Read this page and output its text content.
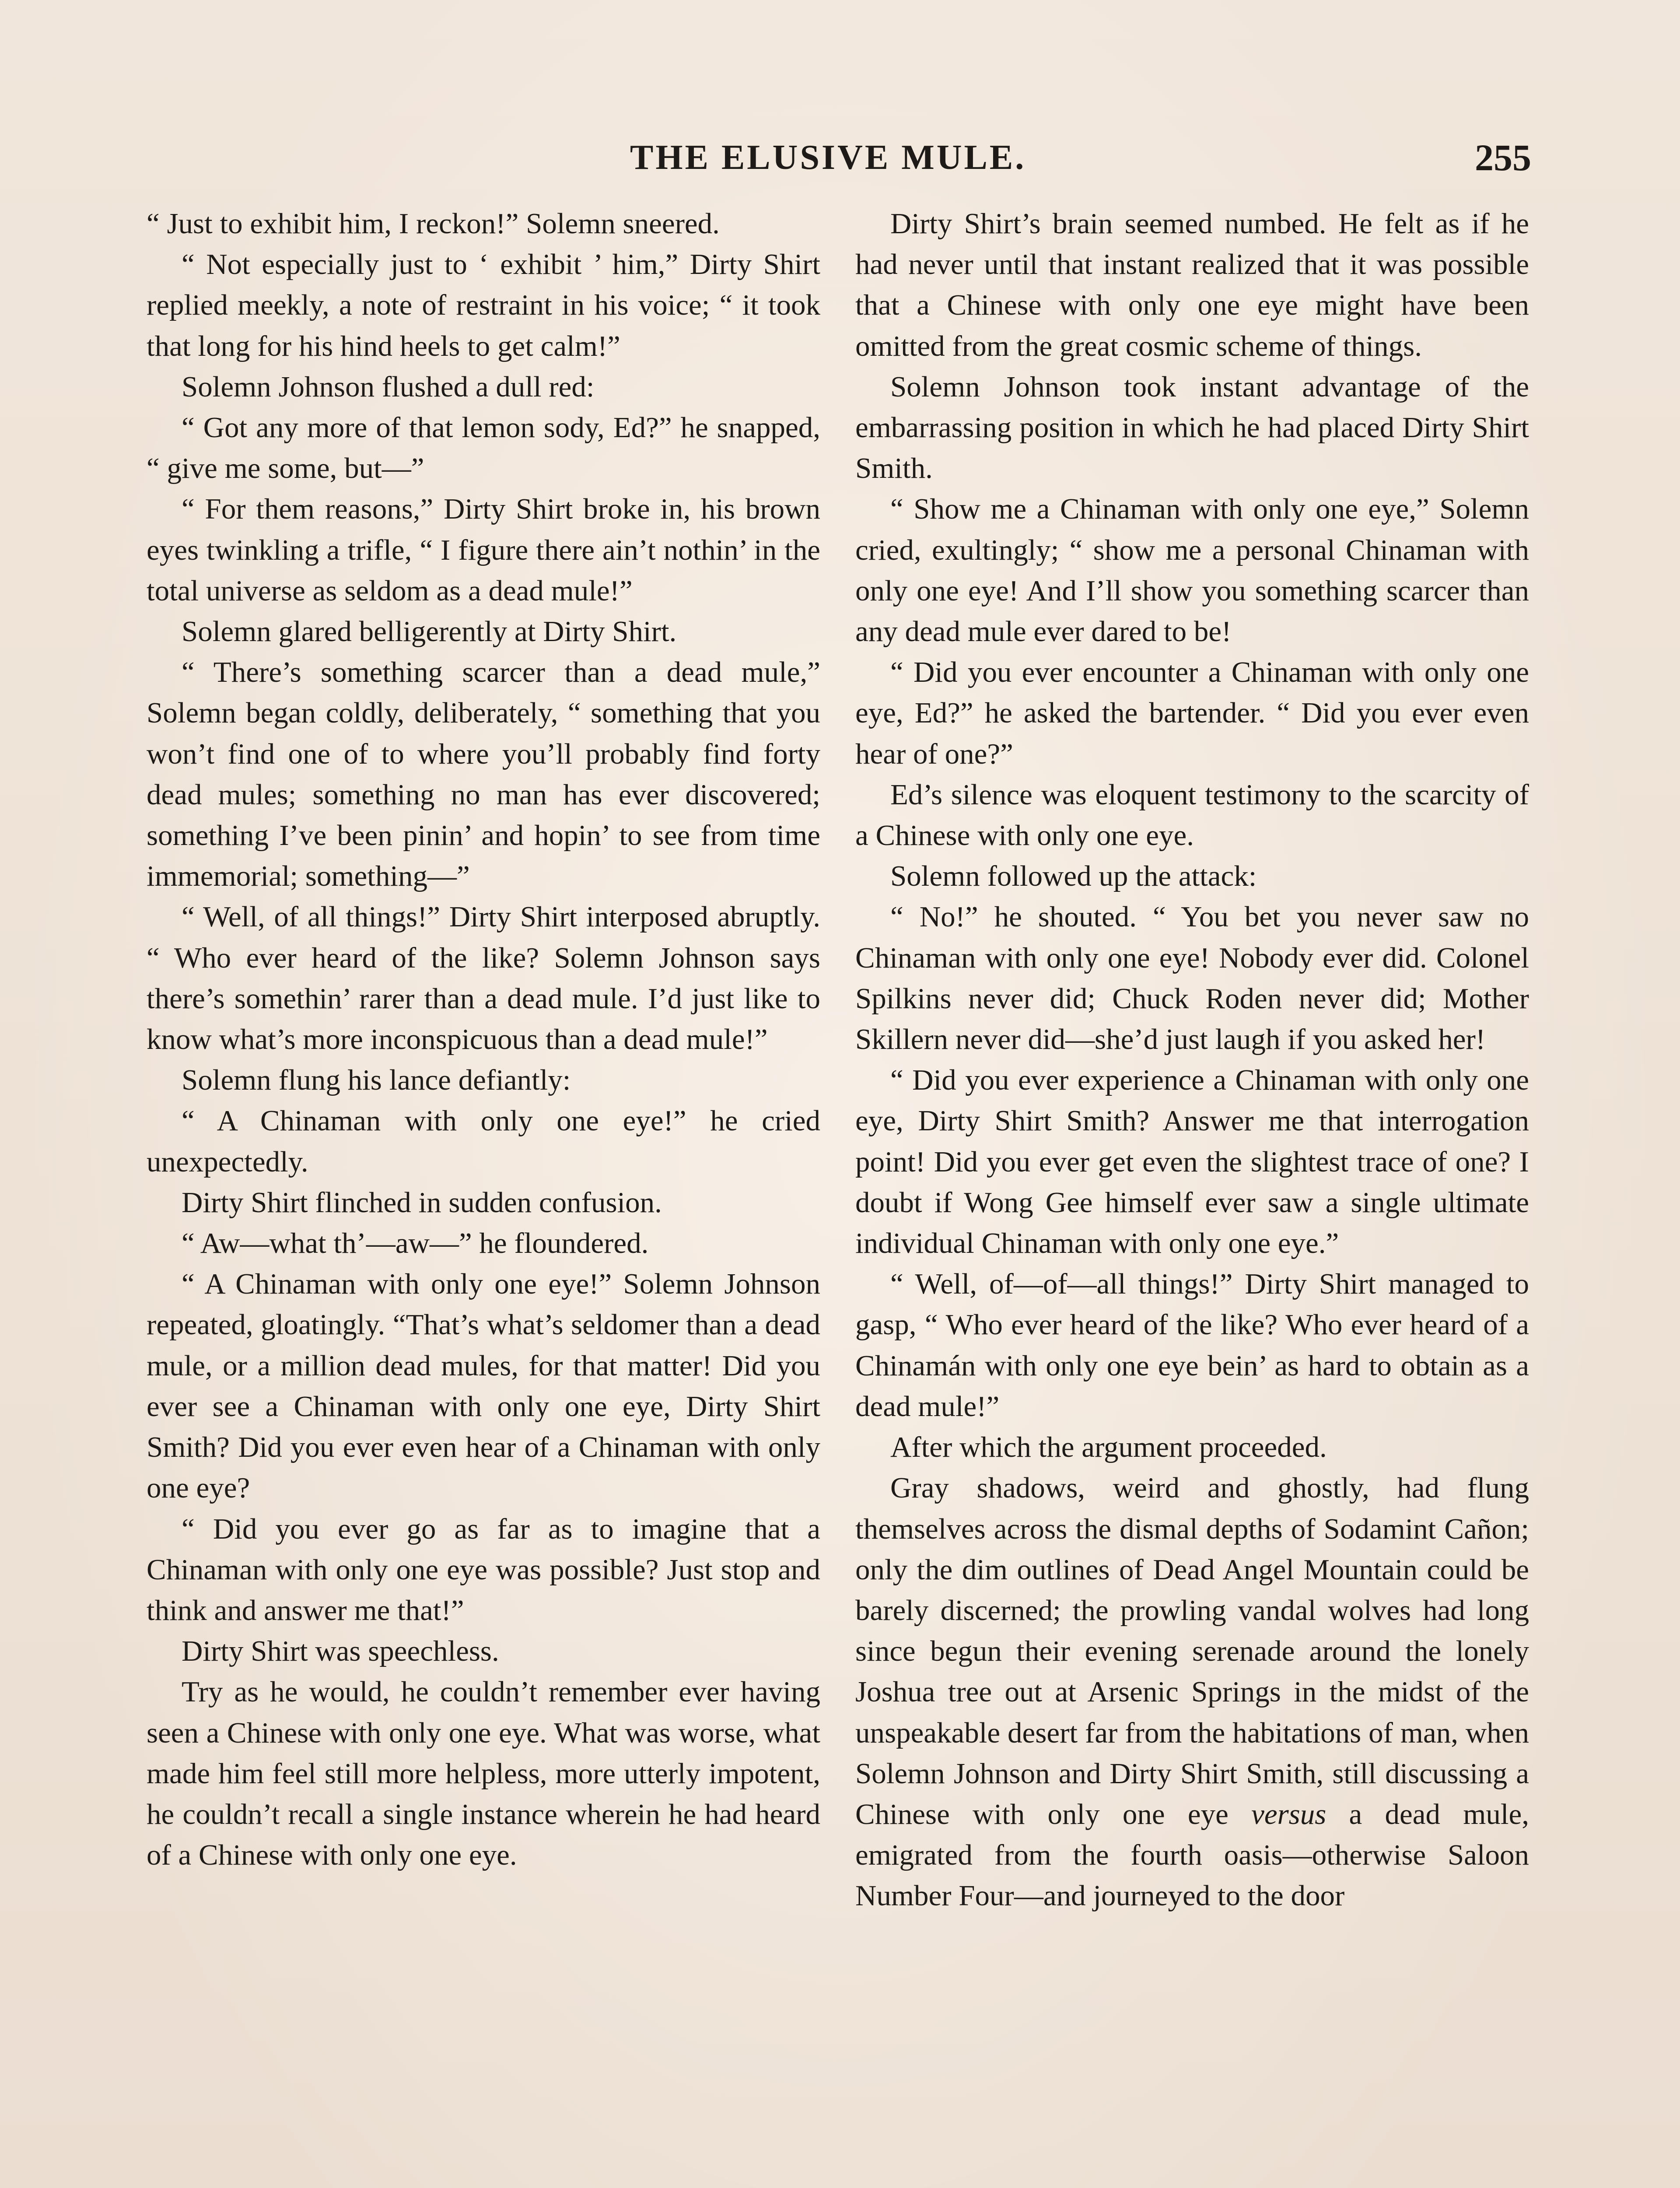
THE ELUSIVE MULE.	255

“ Just to exhibit him, I reckon!” Solemn sneered.

“ Not especially just to ‘ exhibit ’ him,” Dirty Shirt replied meekly, a note of restraint in his voice; “ it took that long for his hind heels to get calm!”

Solemn Johnson flushed a dull red:

“ Got any more of that lemon sody, Ed?” he snapped, “ give me some, but—”

“ For them reasons,” Dirty Shirt broke in, his brown eyes twinkling a trifle, “ I figure there ain’t nothin’ in the total universe as seldom as a dead mule!”

Solemn glared belligerently at Dirty Shirt.

“ There’s something scarcer than a dead mule,” Solemn began coldly, deliberately, “ something that you won’t find one of to where you’ll probably find forty dead mules; something no man has ever discovered; something I’ve been pinin’ and hopin’ to see from time immemorial; something—”

“ Well, of all things!” Dirty Shirt interposed abruptly. “ Who ever heard of the like? Solemn Johnson says there’s somethin’ rarer than a dead mule. I’d just like to know what’s more inconspicuous than a dead mule!”

Solemn flung his lance defiantly:

“ A Chinaman with only one eye!” he cried unexpectedly.

Dirty Shirt flinched in sudden confusion.

“ Aw—what th’—aw—” he floundered.

“ A Chinaman with only one eye!” Solemn Johnson repeated, gloatingly. “That’s what’s seldomer than a dead mule, or a million dead mules, for that matter! Did you ever see a Chinaman with only one eye, Dirty Shirt Smith? Did you ever even hear of a Chinaman with only one eye?

“ Did you ever go as far as to imagine that a Chinaman with only one eye was possible? Just stop and think and answer me that!”

Dirty Shirt was speechless.

Try as he would, he couldn’t remember ever having seen a Chinese with only one eye. What was worse, what made him feel still more helpless, more utterly impotent, he couldn’t recall a single instance wherein he had heard of a Chinese with only one eye.

Dirty Shirt’s brain seemed numbed. He felt as if he had never until that instant realized that it was possible that a Chinese with only one eye might have been omitted from the great cosmic scheme of things.

Solemn Johnson took instant advantage of the embarrassing position in which he had placed Dirty Shirt Smith.

“ Show me a Chinaman with only one eye,” Solemn cried, exultingly; “ show me a personal Chinaman with only one eye! And I’ll show you something scarcer than any dead mule ever dared to be!

“ Did you ever encounter a Chinaman with only one eye, Ed?” he asked the bartender. “ Did you ever even hear of one?”

Ed’s silence was eloquent testimony to the scarcity of a Chinese with only one eye.

Solemn followed up the attack:

“ No!” he shouted. “ You bet you never saw no Chinaman with only one eye! Nobody ever did. Colonel Spilkins never did; Chuck Roden never did; Mother Skillern never did—she’d just laugh if you asked her!

“ Did you ever experience a Chinaman with only one eye, Dirty Shirt Smith? Answer me that interrogation point! Did you ever get even the slightest trace of one? I doubt if Wong Gee himself ever saw a single ultimate individual Chinaman with only one eye.”

“ Well, of—of—all things!” Dirty Shirt managed to gasp, “ Who ever heard of the like? Who ever heard of a Chinamán with only one eye bein’ as hard to obtain as a dead mule!”

After which the argument proceeded.

Gray shadows, weird and ghostly, had flung themselves across the dismal depths of Sodamint Cañon; only the dim outlines of Dead Angel Mountain could be barely discerned; the prowling vandal wolves had long since begun their evening serenade around the lonely Joshua tree out at Arsenic Springs in the midst of the unspeakable desert far from the habitations of man, when Solemn Johnson and Dirty Shirt Smith, still discussing a Chinese with only one eye versus a dead mule, emigrated from the fourth oasis—otherwise Saloon Number Four—and journeyed to the door
